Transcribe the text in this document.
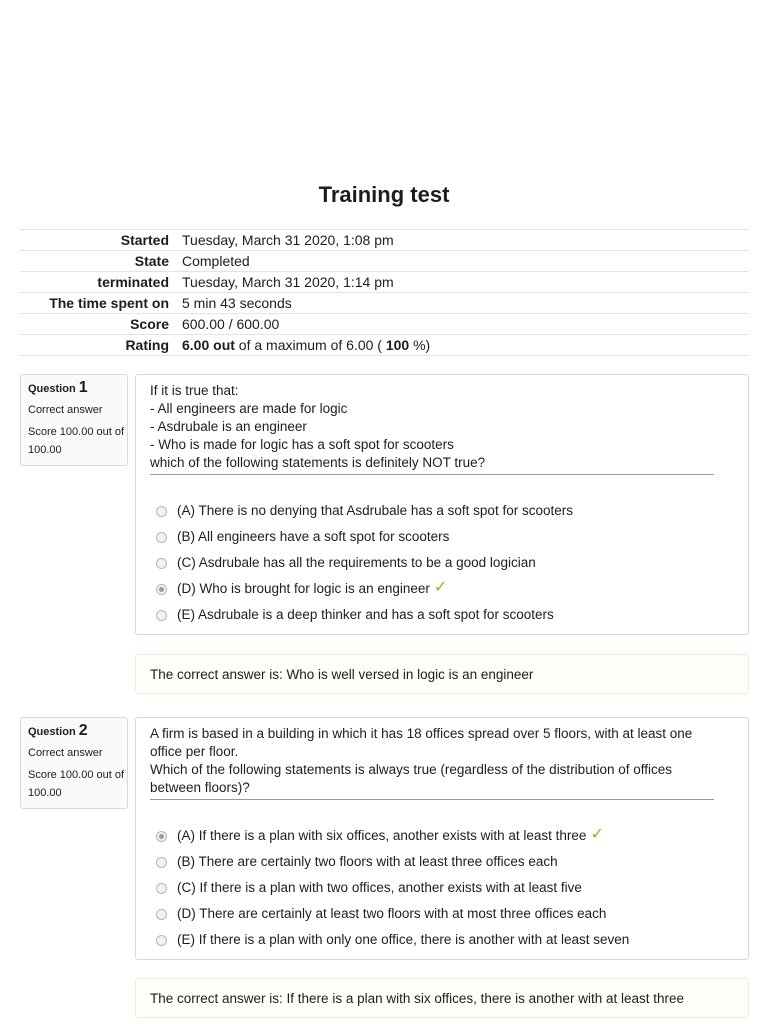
Training test
Started	Tuesday, March 31 2020, 1:08 pm
State	Completed
terminated	Tuesday, March 31 2020, 1:14 pm
The time spent on	5 min 43 seconds
Score	600.00 / 600.00
Rating	6.00 out of a maximum of 6.00 ( 100 %)
Question 1
Correct answer
Score 100.00 out of 100.00
If it is true that:
- All engineers are made for logic
- Asdrubale is an engineer
- Who is made for logic has a soft spot for scooters
which of the following statements is definitely NOT true?
(A) There is no denying that Asdrubale has a soft spot for scooters
(B) All engineers have a soft spot for scooters
(C) Asdrubale has all the requirements to be a good logician
(D) Who is brought for logic is an engineer ✓
(E) Asdrubale is a deep thinker and has a soft spot for scooters
The correct answer is: Who is well versed in logic is an engineer
Question 2
Correct answer
Score 100.00 out of 100.00
A firm is based in a building in which it has 18 offices spread over 5 floors, with at least one office per floor.
Which of the following statements is always true (regardless of the distribution of offices between floors)?
(A) If there is a plan with six offices, another exists with at least three ✓
(B) There are certainly two floors with at least three offices each
(C) If there is a plan with two offices, another exists with at least five
(D) There are certainly at least two floors with at most three offices each
(E) If there is a plan with only one office, there is another with at least seven
The correct answer is: If there is a plan with six offices, there is another with at least three
